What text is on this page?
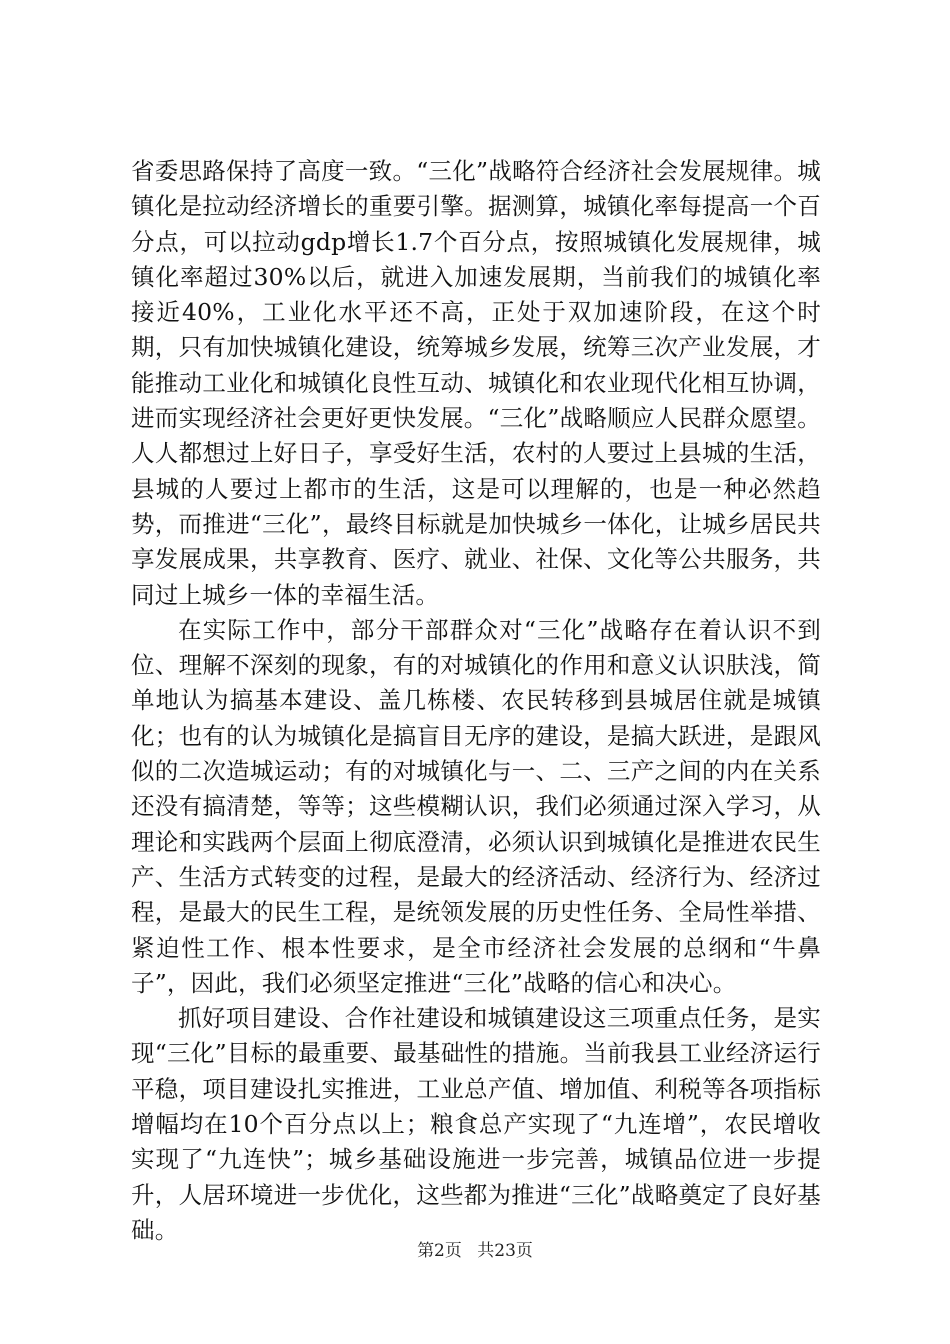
省委思路保持了高度一致。“三化”战略符合经济社会发展规律。城镇化是拉动经济增长的重要引擎。据测算，城镇化率每提高一个百分点，可以拉动gdp增长1.7个百分点，按照城镇化发展规律，城镇化率超过30%以后，就进入加速发展期，当前我们的城镇化率接近40%，工业化水平还不高，正处于双加速阶段，在这个时期，只有加快城镇化建设，统筹城乡发展，统筹三次产业发展，才能推动工业化和城镇化良性互动、城镇化和农业现代化相互协调，进而实现经济社会更好更快发展。“三化”战略顺应人民群众愿望。人人都想过上好日子，享受好生活，农村的人要过上县城的生活，县城的人要过上都市的生活，这是可以理解的，也是一种必然趋势，而推进“三化”，最终目标就是加快城乡一体化，让城乡居民共享发展成果，共享教育、医疗、就业、社保、文化等公共服务，共同过上城乡一体的幸福生活。

在实际工作中，部分干部群众对“三化”战略存在着认识不到位、理解不深刻的现象，有的对城镇化的作用和意义认识肤浅，简单地认为搞基本建设、盖几栋楼、农民转移到县城居住就是城镇化；也有的认为城镇化是搞盲目无序的建设，是搞大跃进，是跟风似的二次造城运动；有的对城镇化与一、二、三产之间的内在关系还没有搞清楚，等等；这些模糊认识，我们必须通过深入学习，从理论和实践两个层面上彻底澄清，必须认识到城镇化是推进农民生产、生活方式转变的过程，是最大的经济活动、经济行为、经济过程，是最大的民生工程，是统领发展的历史性任务、全局性举措、紧迫性工作、根本性要求，是全市经济社会发展的总纲和“牛鼻子”，因此，我们必须坚定推进“三化”战略的信心和决心。

抓好项目建设、合作社建设和城镇建设这三项重点任务，是实现“三化”目标的最重要、最基础性的措施。当前我县工业经济运行平稳，项目建设扎实推进，工业总产值、增加值、利税等各项指标增幅均在10个百分点以上；粮食总产实现了“九连增”，农民增收实现了“九连快”；城乡基础设施进一步完善，城镇品位进一步提升，人居环境进一步优化，这些都为推进“三化”战略奠定了良好基础。

第2页 共23页
